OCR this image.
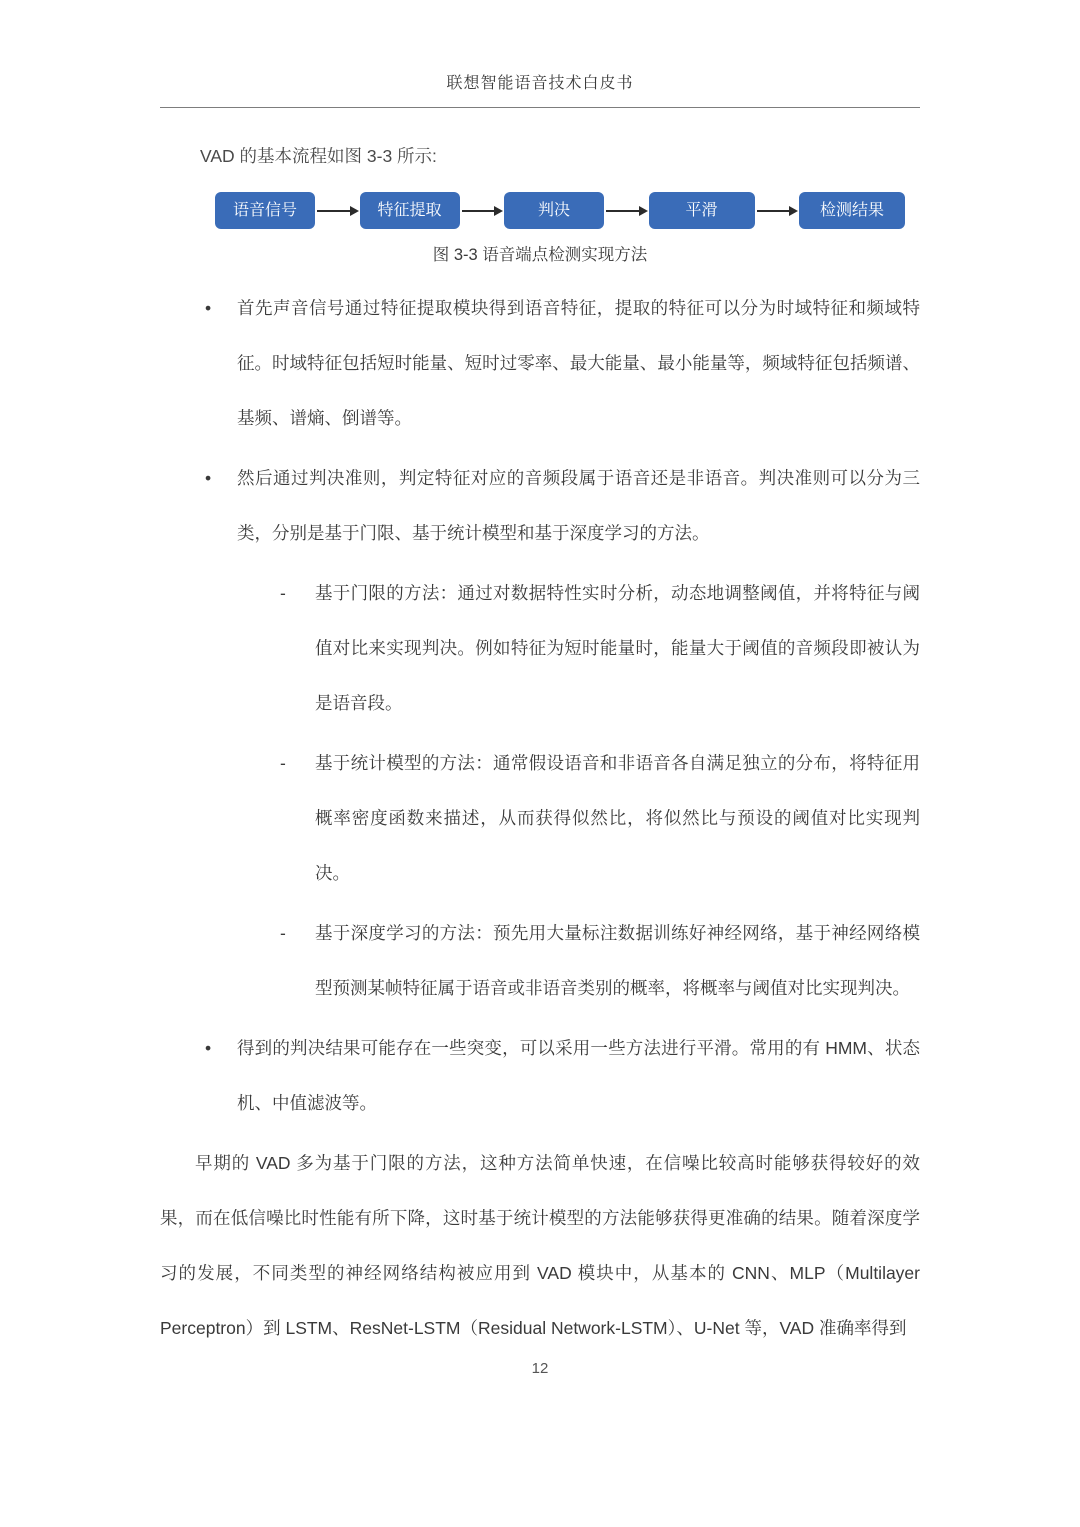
联想智能语音技术白皮书

VAD 的基本流程如图 3-3 所示:

语音信号	特征提取	判决	平滑	检测结果
图 3-3 语音端点检测实现方法
• 首先声音信号通过特征提取模块得到语音特征，提取的特征可以分为时域特征和频域特征。时域特征包括短时能量、短时过零率、最大能量、最小能量等，频域特征包括频谱、基频、谱熵、倒谱等。
• 然后通过判决准则，判定特征对应的音频段属于语音还是非语音。判决准则可以分为三类，分别是基于门限、基于统计模型和基于深度学习的方法。
- 基于门限的方法：通过对数据特性实时分析，动态地调整阈值，并将特征与阈值对比来实现判决。例如特征为短时能量时，能量大于阈值的音频段即被认为是语音段。
- 基于统计模型的方法：通常假设语音和非语音各自满足独立的分布，将特征用概率密度函数来描述，从而获得似然比，将似然比与预设的阈值对比实现判决。
- 基于深度学习的方法：预先用大量标注数据训练好神经网络，基于神经网络模型预测某帧特征属于语音或非语音类别的概率，将概率与阈值对比实现判决。
• 得到的判决结果可能存在一些突变，可以采用一些方法进行平滑。常用的有 HMM、状态机、中值滤波等。

早期的 VAD 多为基于门限的方法，这种方法简单快速，在信噪比较高时能够获得较好的效果，而在低信噪比时性能有所下降，这时基于统计模型的方法能够获得更准确的结果。随着深度学习的发展，不同类型的神经网络结构被应用到 VAD 模块中，从基本的 CNN、MLP（Multilayer Perceptron）到 LSTM、ResNet-LSTM（Residual Network-LSTM）、U-Net 等，VAD 准确率得到

12
